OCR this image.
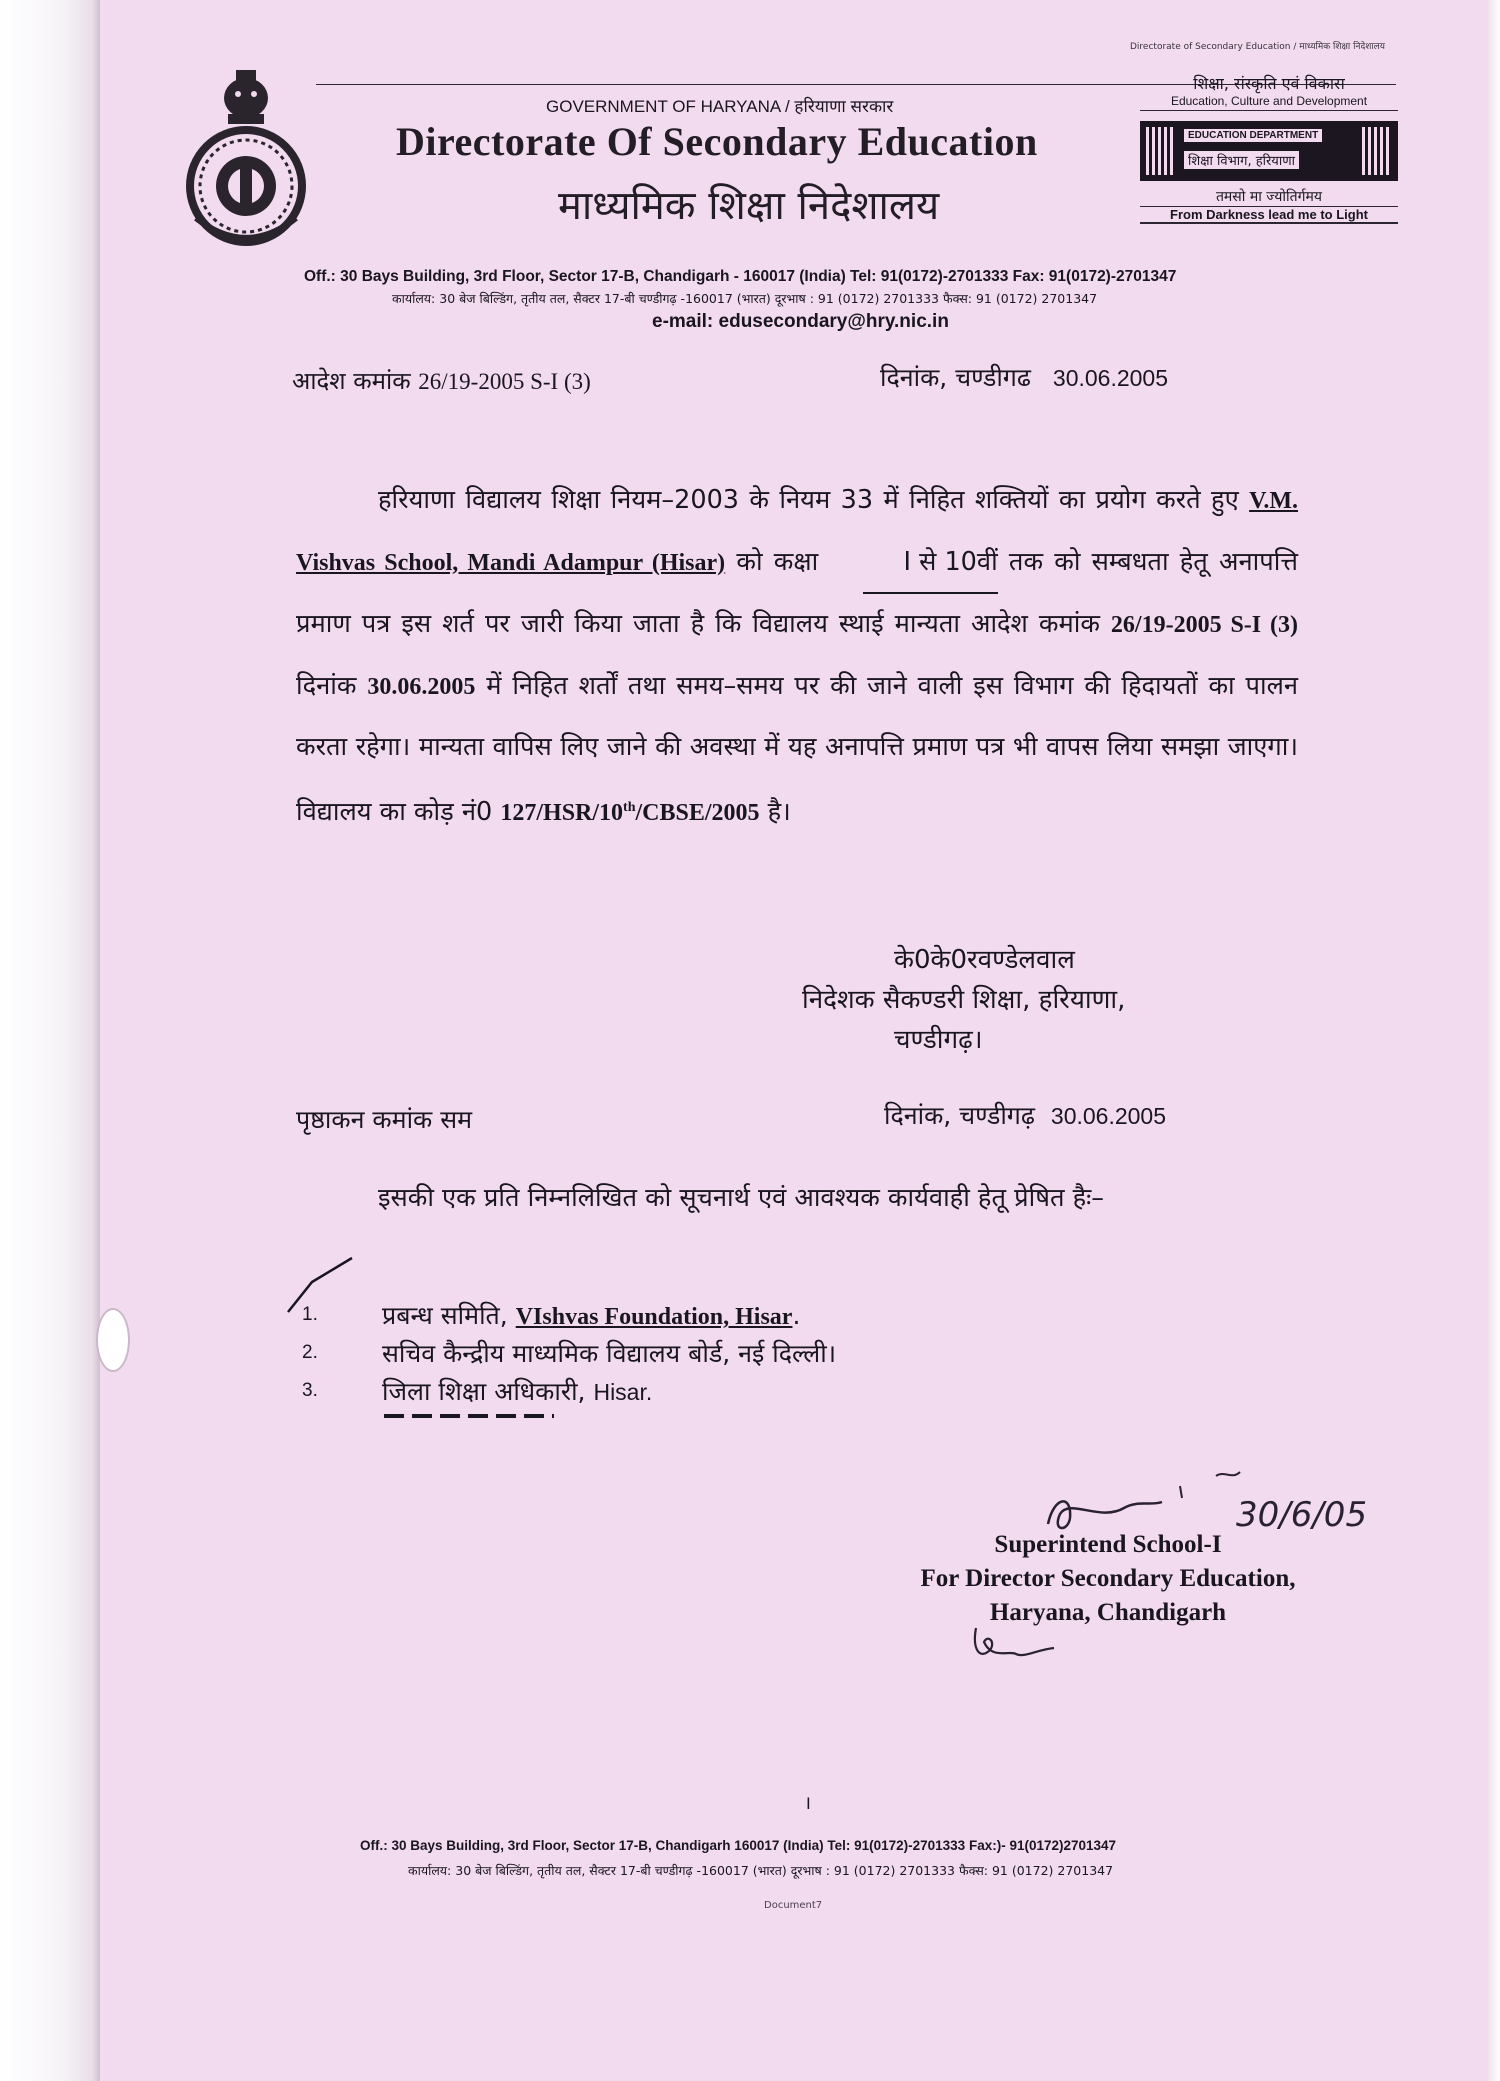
Directorate of Secondary Education / माध्यमिक शिक्षा निदेशालय
GOVERNMENT OF HARYANA / हरियाणा सरकार
Directorate Of Secondary Education
माध्यमिक शिक्षा निदेशालय
शिक्षा, संस्कृति एवं विकास
Education, Culture and Development
EDUCATION DEPARTMENT
शिक्षा विभाग, हरियाणा
तमसो मा ज्योतिर्गमय
From Darkness lead me to Light
Off.: 30 Bays Building, 3rd Floor, Sector 17-B, Chandigarh - 160017 (India) Tel: 91(0172)-2701333 Fax: 91(0172)-2701347
कार्यालय: 30 बेज बिल्डिंग, तृतीय तल, सैक्टर 17-बी चण्डीगढ़ -160017 (भारत) दूरभाष : 91 (0172) 2701333 फैक्स: 91 (0172) 2701347
e-mail: edusecondary@hry.nic.in
आदेश कमांक 26/19-2005 S-I (3)	दिनांक, चण्डीगढ 30.06.2005
हरियाणा विद्यालय शिक्षा नियम–2003 के नियम 33 में निहित शक्तियों का प्रयोग करते हुए V.M. Vishvas School, Mandi Adampur (Hisar) को कक्षा	I से 10वीं तक को सम्बधता हेतू अनापत्ति प्रमाण पत्र इस शर्त पर जारी किया जाता है कि विद्यालय स्थाई मान्यता आदेश कमांक 26/19-2005 S-I (3) दिनांक 30.06.2005 में निहित शर्तों तथा समय–समय पर की जाने वाली इस विभाग की हिदायतों का पालन करता रहेगा। मान्यता वापिस लिए जाने की अवस्था में यह अनापत्ति प्रमाण पत्र भी वापस लिया समझा जाएगा। विद्यालय का कोड़ नं0 127/HSR/10th/CBSE/2005 है।
के0के0रवण्डेलवाल
निदेशक सैकण्डरी शिक्षा, हरियाणा,
चण्डीगढ़।
पृष्ठाकन कमांक सम	दिनांक, चण्डीगढ़ 30.06.2005
इसकी एक प्रति निम्नलिखित को सूचनार्थ एवं आवश्यक कार्यवाही हेतू प्रेषित हैः–
1.	प्रबन्ध समिति, VIshvas Foundation, Hisar.
2.	सचिव कैन्द्रीय माध्यमिक विद्यालय बोर्ड, नई दिल्ली।
3.	जिला शिक्षा अधिकारी, Hisar.
30/6/05
Superintend School-I
For Director Secondary Education,
Haryana, Chandigarh
I
Off.: 30 Bays Building, 3rd Floor, Sector 17-B, Chandigarh 160017 (India) Tel: 91(0172)-2701333 Fax:)- 91(0172)2701347
कार्यालय: 30 बेज बिल्डिंग, तृतीय तल, सैक्टर 17-बी चण्डीगढ़ -160017 (भारत) दूरभाष : 91 (0172) 2701333 फैक्स: 91 (0172) 2701347
Document7
